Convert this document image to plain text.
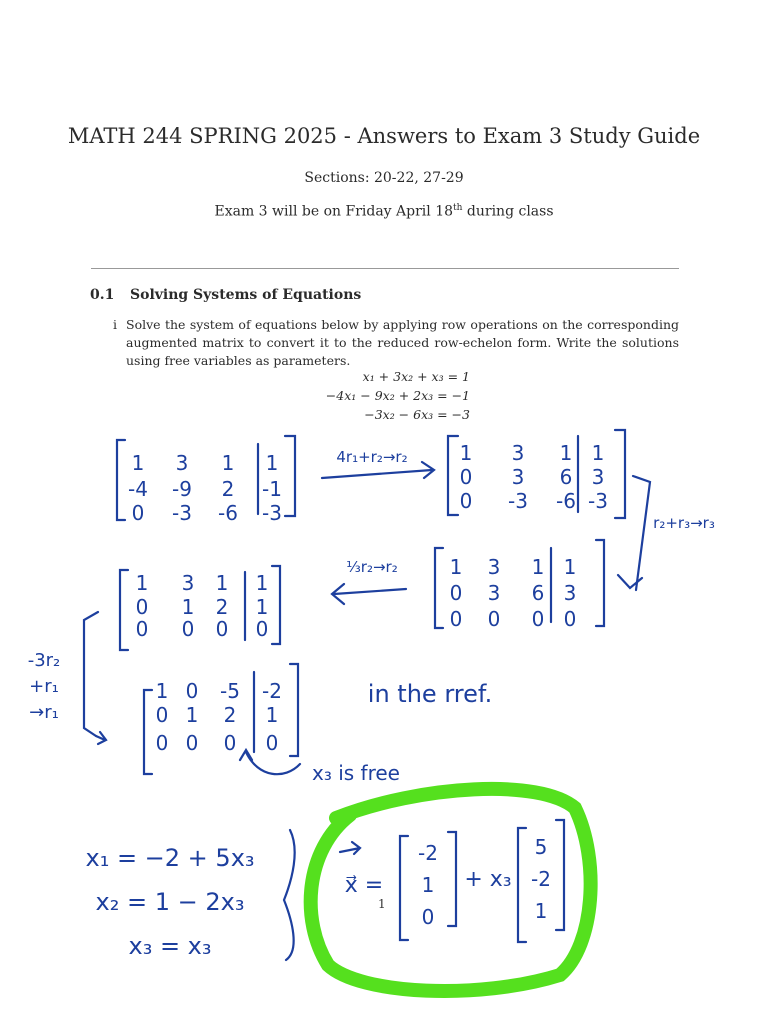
MATH 244 SPRING 2025 - Answers to Exam 3 Study Guide
Sections: 20-22, 27-29
Exam 3 will be on Friday April 18th during class
0.1 Solving Systems of Equations
i Solve the system of equations below by applying row operations on the corresponding augmented matrix to convert it to the reduced row-echelon form. Write the solutions using free variables as parameters.
x₁ + 3x₂ + x₃ = 1
−4x₁ − 9x₂ + 2x₃ = −1
−3x₂ − 6x₃ = −3
1 3 1 1
-4 -9 2 -1
0 -3 -6 -3
1 3 1 1
0 3 6 3
0 -3 -6 -3
1 3 1 1
0 3 6 3
0 0 0 0
1 3 1 1
0 1 2 1
0 0 0 0
1 0 -5 -2
0 1 2 1
0 0 0 0
4r₁+r₂→r₂
r₂+r₃→r₃
⅓r₂→r₂
-3r₂
+r₁
→r₁
in the rref.
x₃ is free
x₁ = −2 + 5x₃
x₂ = 1 − 2x₃
x₃ = x₃
x⃗ =
-2
1
0
+ x₃
5
-2
1
1
